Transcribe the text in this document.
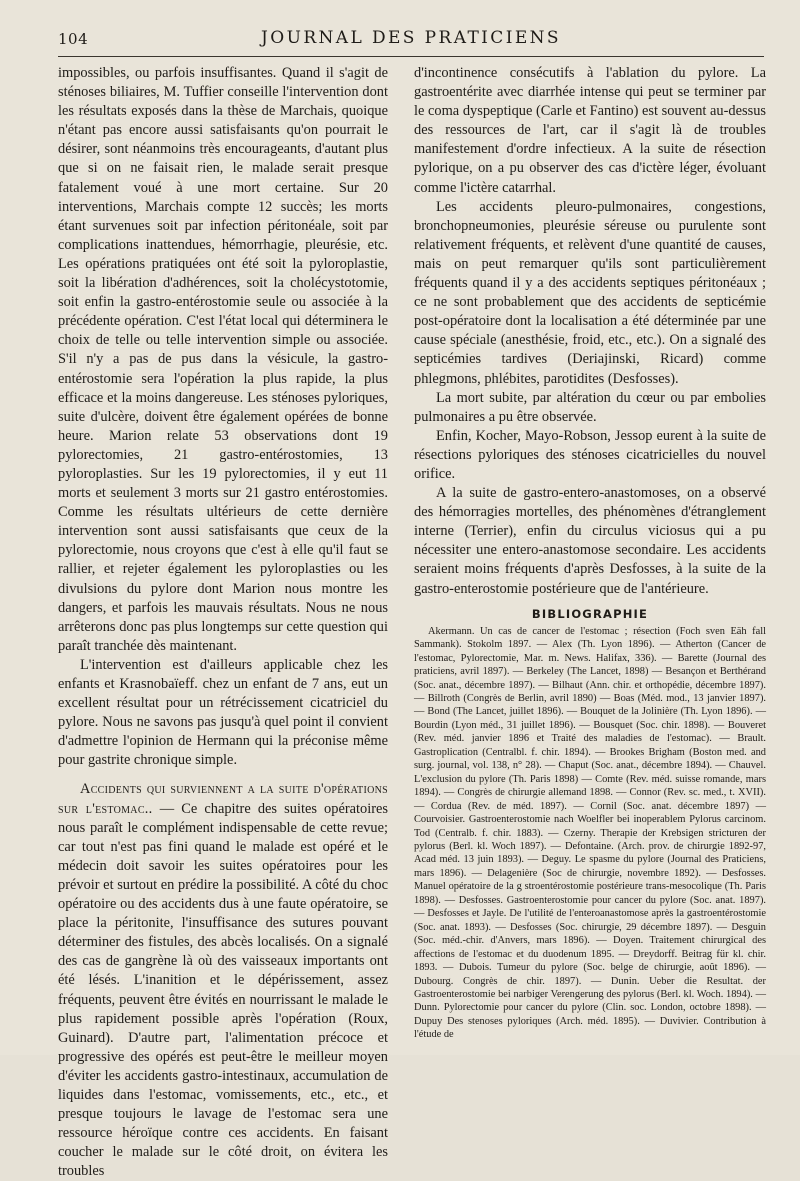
104	JOURNAL DES PRATICIENS

impossibles, ou parfois insuffisantes. Quand il s'agit de sténoses biliaires, M. Tuffier conseille l'intervention dont les résultats exposés dans la thèse de Marchais, quoique n'étant pas encore aussi satisfaisants qu'on pourrait le désirer, sont néanmoins très encourageants, d'autant plus que si on ne faisait rien, le malade serait presque fatalement voué à une mort certaine. Sur 20 interventions, Marchais compte 12 succès; les morts étant survenues soit par infection péritonéale, soit par complications inattendues, hémorrhagie, pleurésie, etc. Les opérations pratiquées ont été soit la pyloroplastie, soit la libération d'adhérences, soit la cholécystotomie, soit enfin la gastro-entérostomie seule ou associée à la précédente opération. C'est l'état local qui déterminera le choix de telle ou telle intervention simple ou associée. S'il n'y a pas de pus dans la vésicule, la gastro-entérostomie sera l'opération la plus rapide, la plus efficace et la moins dangereuse. Les sténoses pyloriques, suite d'ulcère, doivent être également opérées de bonne heure. Marion relate 53 observations dont 19 pylorectomies, 21 gastro-entérostomies, 13 pyloroplasties. Sur les 19 pylorectomies, il y eut 11 morts et seulement 3 morts sur 21 gastro entérostomies. Comme les résultats ultérieurs de cette dernière intervention sont aussi satisfaisants que ceux de la pylorectomie, nous croyons que c'est à elle qu'il faut se rallier, et rejeter également les pyloroplasties ou les divulsions du pylore dont Marion nous montre les dangers, et parfois les mauvais résultats. Nous ne nous arrêterons donc pas plus longtemps sur cette question qui paraît tranchée dès maintenant.

L'intervention est d'ailleurs applicable chez les enfants et Krasnobaïeff. chez un enfant de 7 ans, eut un excellent résultat pour un rétrécissement cicatriciel du pylore. Nous ne savons pas jusqu'à quel point il convient d'admettre l'opinion de Hermann qui la préconise même pour gastrite chronique simple.

Accidents qui surviennent a la suite d'opérations sur l'estomac.. — Ce chapitre des suites opératoires nous paraît le complément indispensable de cette revue; car tout n'est pas fini quand le malade est opéré et le médecin doit savoir les suites opératoires pour les prévoir et surtout en prédire la possibilité. A côté du choc opératoire ou des accidents dus à une faute opératoire, se place la péritonite, l'insuffisance des sutures pouvant déterminer des fistules, des abcès localisés. On a signalé des cas de gangrène là où des vaisseaux importants ont été lésés. L'inanition et le dépérissement, assez fréquents, peuvent être évités en nourrissant le malade le plus rapidement possible après l'opération (Roux, Guinard). D'autre part, l'alimentation précoce et progressive des opérés est peut-être le meilleur moyen d'éviter les accidents gastro-intestinaux, accumulation de liquides dans l'estomac, vomissements, etc., etc., et presque toujours le lavage de l'estomac sera une ressource héroïque contre ces accidents. En faisant coucher le malade sur le côté droit, on évitera les troubles

d'incontinence consécutifs à l'ablation du pylore. La gastroentérite avec diarrhée intense qui peut se terminer par le coma dyspeptique (Carle et Fantino) est souvent au-dessus des ressources de l'art, car il s'agit là de troubles manifestement d'ordre infectieux. A la suite de résection pylorique, on a pu observer des cas d'ictère léger, évoluant comme l'ictère catarrhal.

Les accidents pleuro-pulmonaires, congestions, bronchopneumonies, pleurésie séreuse ou purulente sont relativement fréquents, et relèvent d'une quantité de causes, mais on peut remarquer qu'ils sont particulièrement fréquents quand il y a des accidents septiques péritonéaux ; ce ne sont probablement que des accidents de septicémie post-opératoire dont la localisation a été déterminée par une cause spéciale (anesthésie, froid, etc., etc.). On a signalé des septicémies tardives (Deriajinski, Ricard) comme phlegmons, phlébites, parotidites (Desfosses).

La mort subite, par altération du cœur ou par embolies pulmonaires a pu être observée.

Enfin, Kocher, Mayo-Robson, Jessop eurent à la suite de résections pyloriques des sténoses cicatricielles du nouvel orifice.

A la suite de gastro-entero-anastomoses, on a observé des hémorragies mortelles, des phénomènes d'étranglement interne (Terrier), enfin du circulus viciosus qui a pu nécessiter une entero-anastomose secondaire. Les accidents seraient moins fréquents d'après Desfosses, à la suite de la gastro-enterostomie postérieure que de l'antérieure.

BIBLIOGRAPHIE

Akermann. Un cas de cancer de l'estomac ; résection (Foch sven Eäh fall Sammank). Stokolm 1897. — Alex (Th. Lyon 1896). — Atherton (Cancer de l'estomac, Pylorectomie, Mar. m. News. Halifax, 336). — Barette (Journal des praticiens, avril 1897). — Berkeley (The Lancet, 1898) — Besançon et Berthérand (Soc. anat., décembre 1897). — Bilhaut (Ann. chir. et orthopédie, décembre 1897). — Billroth (Congrès de Berlin, avril 1890) — Boas (Méd. mod., 13 janvier 1897). — Bond (The Lancet, juillet 1896). — Bouquet de la Jolinière (Th. Lyon 1896). — Bourdin (Lyon méd., 31 juillet 1896). — Bousquet (Soc. chir. 1898). — Bouveret (Rev. méd. janvier 1896 et Traité des maladies de l'estomac). — Brault. Gastroplication (Centralbl. f. chir. 1894). — Brookes Brigham (Boston med. and surg. journal, vol. 138, n° 28). — Chaput (Soc. anat., décembre 1894). — Chauvel. L'exclusion du pylore (Th. Paris 1898) — Comte (Rev. méd. suisse romande, mars 1894). — Congrès de chirurgie allemand 1898. — Connor (Rev. sc. med., t. XVII). — Cordua (Rev. de méd. 1897). — Cornil (Soc. anat. décembre 1897) — Courvoisier. Gastroenterostomie nach Woelfler bei inoperablem Pylorus carcinom. Tod (Centralb. f. chir. 1883). — Czerny. Therapie der Krebsigen stricturen der pylorus (Berl. kl. Woch 1897). — Defontaine. (Arch. prov. de chirurgie 1892-97, Acad méd. 13 juin 1893). — Deguy. Le spasme du pylore (Journal des Praticiens, mars 1896). — Delagenière (Soc de chirurgie, novembre 1892). — Desfosses. Manuel opératoire de la g stroentérostomie postérieure trans-mesocolique (Th. Paris 1898). — Desfosses. Gastroenterostomie pour cancer du pylore (Soc. anat. 1897). — Desfosses et Jayle. De l'utilité de l'enteroanastomose après la gastroentérostomie (Soc. anat. 1893). — Desfosses (Soc. chirurgie, 29 décembre 1897). — Desguin (Soc. méd.-chir. d'Anvers, mars 1896). — Doyen. Traitement chirurgical des affections de l'estomac et du duodenum 1895. — Dreydorff. Beitrag für kl. chir. 1893. — Dubois. Tumeur du pylore (Soc. belge de chirurgie, août 1896). — Dubourg. Congrès de chir. 1897). — Dunin. Ueber die Resultat. der Gastroenterostomie bei narbiger Verengerung des pylorus (Berl. kl. Woch. 1894). — Dunn. Pylorectomie pour cancer du pylore (Clin. soc. London, octobre 1898). — Dupuy Des stenoses pyloriques (Arch. méd. 1895). — Duvivier. Contribution à l'étude de
